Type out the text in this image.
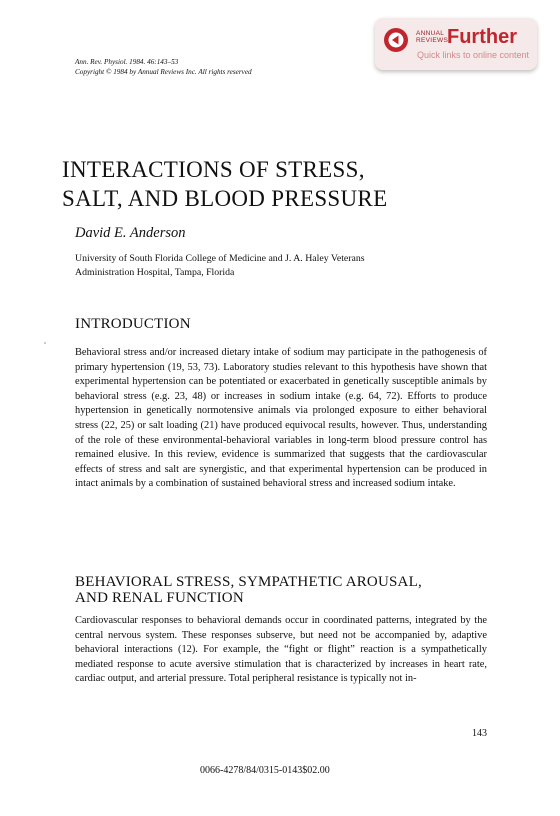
ANNUAL
REVIEWS
Further
Quick links to online content
Ann. Rev. Physiol. 1984. 46:143–53
Copyright © 1984 by Annual Reviews Inc. All rights reserved
INTERACTIONS OF STRESS,
SALT, AND BLOOD PRESSURE
David E. Anderson
University of South Florida College of Medicine and J. A. Haley Veterans
Administration Hospital, Tampa, Florida
INTRODUCTION
Behavioral stress and/or increased dietary intake of sodium may participate in the pathogenesis of primary hypertension (19, 53, 73). Laboratory studies relevant to this hypothesis have shown that experimental hypertension can be potentiated or exacerbated in genetically susceptible animals by behavioral stress (e.g. 23, 48) or increases in sodium intake (e.g. 64, 72). Efforts to produce hypertension in genetically normotensive animals via prolonged exposure to either behavioral stress (22, 25) or salt loading (21) have produced equivocal results, however. Thus, understanding of the role of these environmental-behavioral variables in long-term blood pressure control has remained elusive. In this review, evidence is summarized that suggests that the cardiovascular effects of stress and salt are synergistic, and that experimental hypertension can be produced in intact animals by a combination of sustained behavioral stress and increased sodium intake.
BEHAVIORAL STRESS, SYMPATHETIC AROUSAL,
AND RENAL FUNCTION
Cardiovascular responses to behavioral demands occur in coordinated patterns, integrated by the central nervous system. These responses subserve, but need not be accompanied by, adaptive behavioral interactions (12). For example, the “fight or flight” reaction is a sympathetically mediated response to acute aversive stimulation that is characterized by increases in heart rate, cardiac output, and arterial pressure. Total peripheral resistance is typically not in-
143
0066-4278/84/0315-0143$02.00
